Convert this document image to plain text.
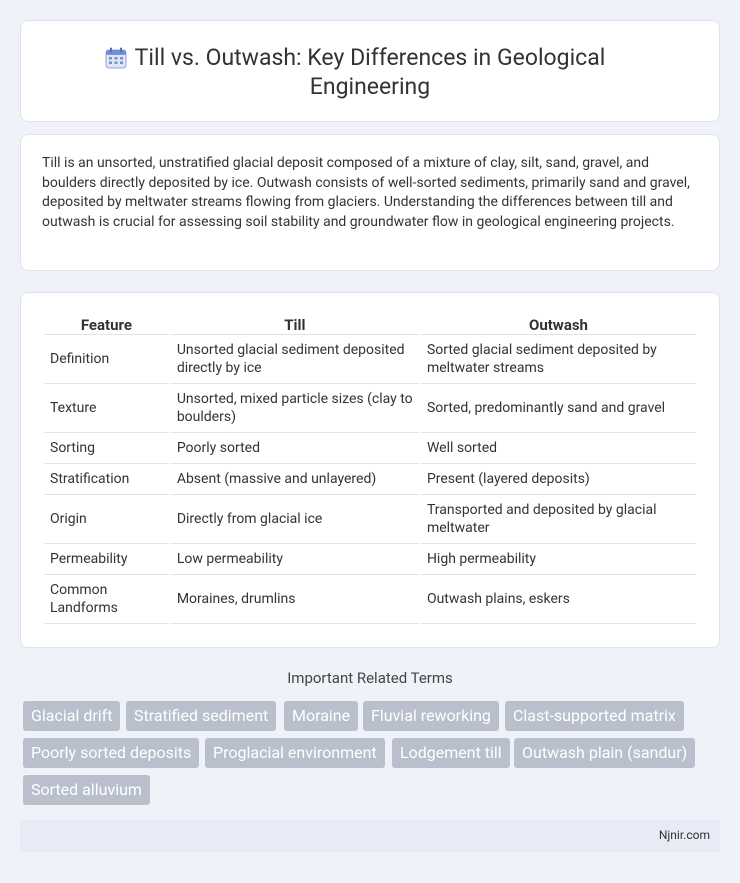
Till vs. Outwash: Key Differences in Geological
Engineering

Till is an unsorted, unstratified glacial deposit composed of a mixture of clay, silt, sand, gravel, and boulders directly deposited by ice. Outwash consists of well-sorted sediments, primarily sand and gravel, deposited by meltwater streams flowing from glaciers. Understanding the differences between till and outwash is crucial for assessing soil stability and groundwater flow in geological engineering projects.

Feature	Till	Outwash
Definition	Unsorted glacial sediment deposited directly by ice	Sorted glacial sediment deposited by meltwater streams
Texture	Unsorted, mixed particle sizes (clay to boulders)	Sorted, predominantly sand and gravel
Sorting	Poorly sorted	Well sorted
Stratification	Absent (massive and unlayered)	Present (layered deposits)
Origin	Directly from glacial ice	Transported and deposited by glacial meltwater
Permeability	Low permeability	High permeability
Common Landforms	Moraines, drumlins	Outwash plains, eskers
Important Related Terms
Glacial drift	Stratified sediment	Moraine	Fluvial reworking	Clast-supported matrix
Poorly sorted deposits	Proglacial environment	Lodgement till	Outwash plain (sandur)
Sorted alluvium
Njnir.com
